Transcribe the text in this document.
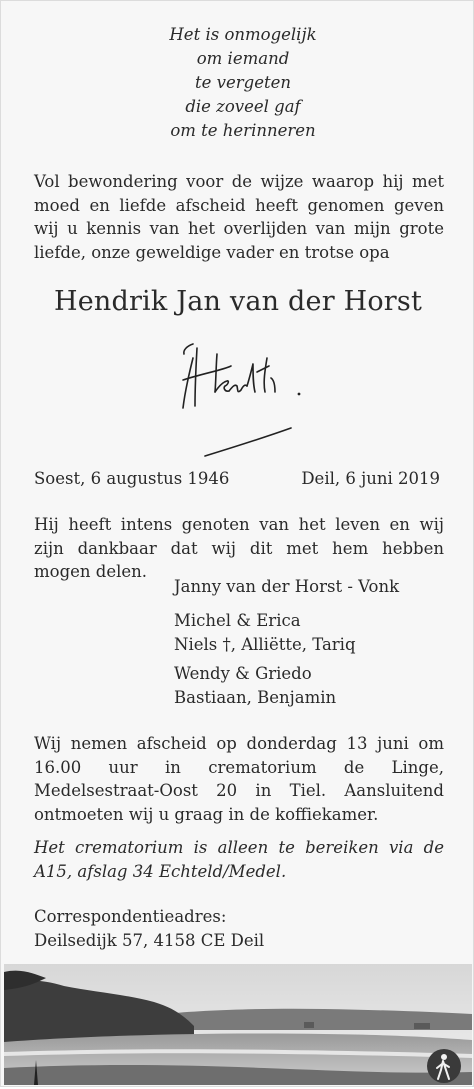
Het is onmogelijk
om iemand
te vergeten
die zoveel gaf
om te herinneren
Vol bewondering voor de wijze waarop hij met moed en liefde afscheid heeft genomen geven wij u kennis van het overlijden van mijn grote liefde, onze geweldige vader en trotse opa
Hendrik Jan van der Horst
Soest, 6 augustus 1946	Deil, 6 juni 2019
Hij heeft intens genoten van het leven en wij zijn dankbaar dat wij dit met hem hebben mogen delen.
Janny van der Horst - Vonk
Michel & Erica
Niels †, Alliëtte, Tariq
Wendy & Griedo
Bastiaan, Benjamin
Wij nemen afscheid op donderdag 13 juni om 16.00 uur in crematorium de Linge, Medelsestraat-Oost 20 in Tiel. Aansluitend ontmoeten wij u graag in de koffiekamer.
Het crematorium is alleen te bereiken via de A15, afslag 34 Echteld/Medel.
Correspondentieadres:
Deilsedijk 57, 4158 CE Deil
